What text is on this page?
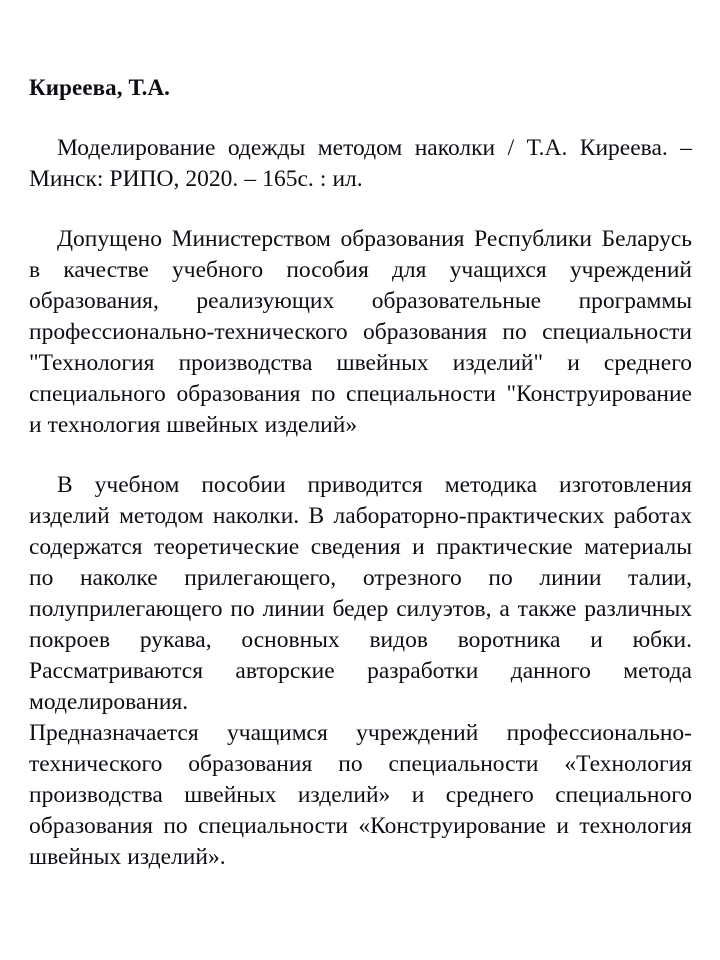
Киреева, Т.А.

Моделирование одежды методом наколки / Т.А. Киреева. – Минск: РИПО, 2020. – 165с. : ил.

Допущено Министерством образования Республики Беларусь в качестве учебного пособия для учащихся учреждений образования, реализующих образовательные программы профессионально-технического образования по специальности "Технология производства швейных изделий" и среднего специального образования по специальности "Конструирование и технология швейных изделий»

В учебном пособии приводится методика изготовления изделий методом наколки. В лабораторно-практических работах содержатся теоретические сведения и практические материалы по наколке прилегающего, отрезного по линии талии, полуприлегающего по линии бедер силуэтов, а также различных покроев рукава, основных видов воротника и юбки. Рассматриваются авторские разработки данного метода моделирования.

Предназначается учащимся учреждений профессионально-технического образования по специальности «Технология производства швейных изделий» и среднего специального образования по специальности «Конструирование и технология швейных изделий».
